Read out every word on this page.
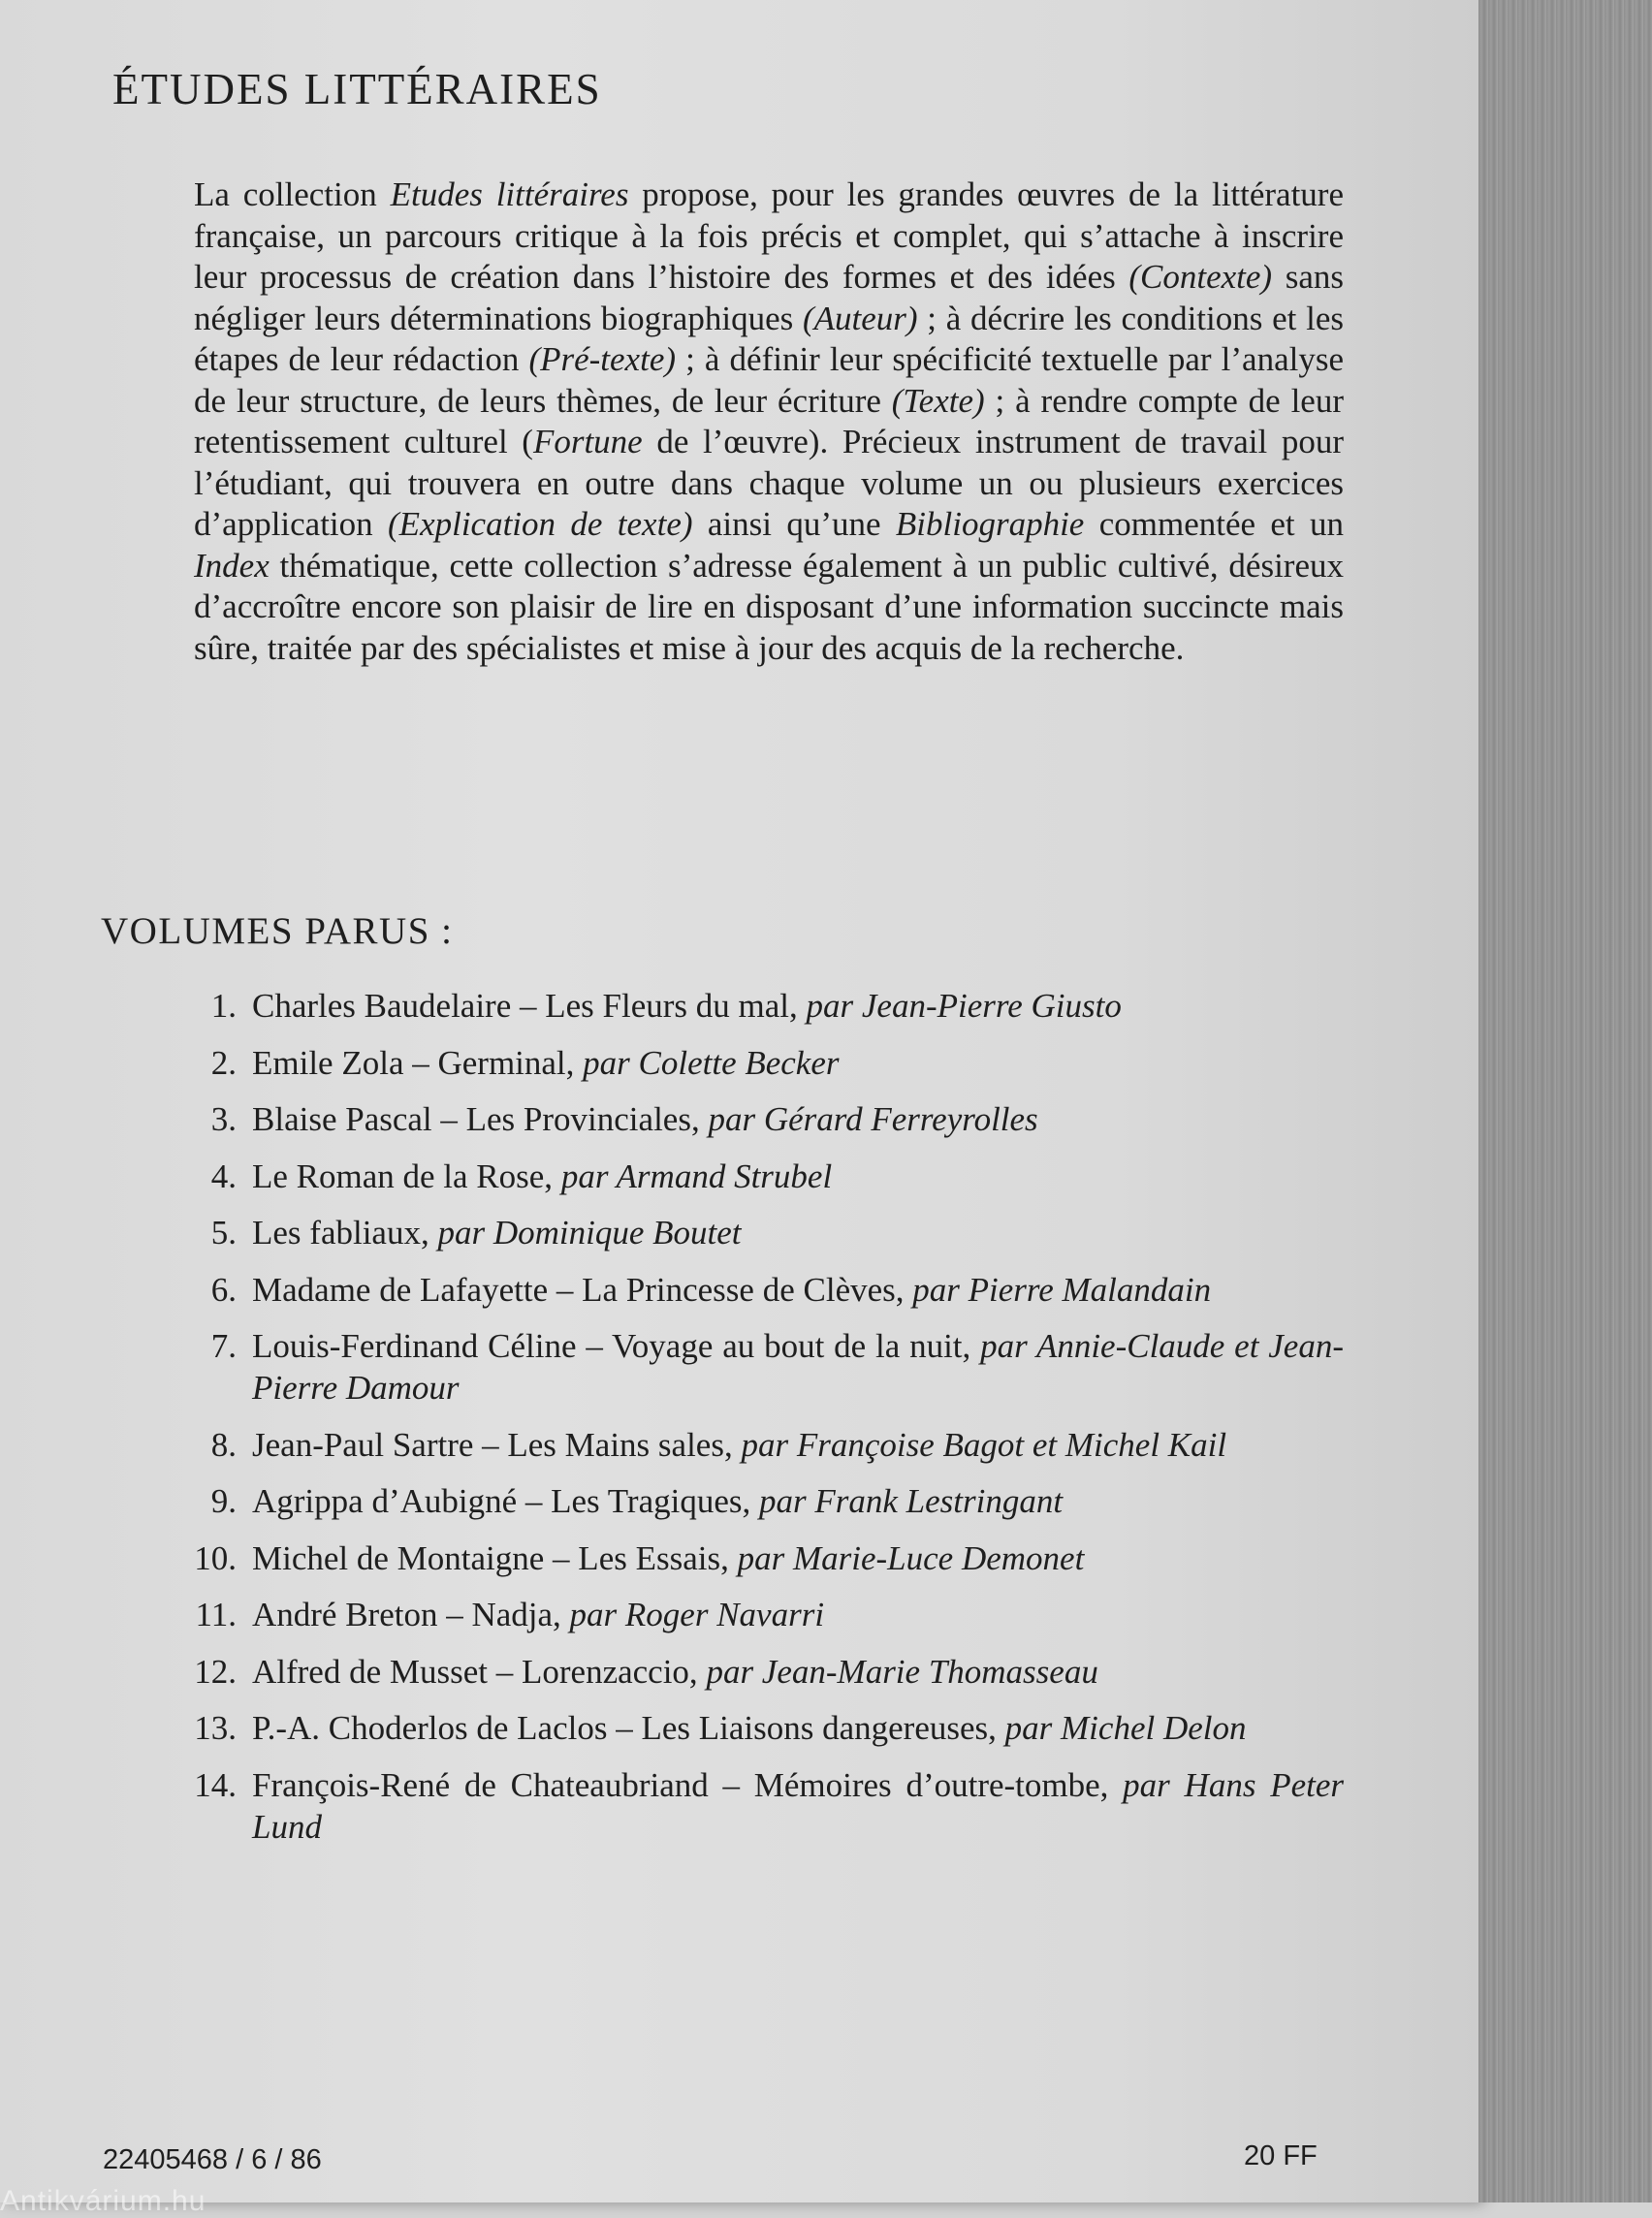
ÉTUDES LITTÉRAIRES

La collection Etudes littéraires propose, pour les grandes œuvres de la littérature française, un parcours critique à la fois précis et complet, qui s’attache à inscrire leur processus de création dans l’histoire des formes et des idées (Contexte) sans négliger leurs déterminations biographiques (Auteur) ; à décrire les conditions et les étapes de leur rédaction (Pré-texte) ; à définir leur spécificité textuelle par l’analyse de leur structure, de leurs thèmes, de leur écriture (Texte) ; à rendre compte de leur retentissement culturel (Fortune de l’œuvre). Précieux instrument de travail pour l’étudiant, qui trouvera en outre dans chaque volume un ou plusieurs exercices d’application (Explication de texte) ainsi qu’une Bibliographie commentée et un Index thématique, cette collection s’adresse également à un public cultivé, désireux d’accroître encore son plaisir de lire en disposant d’une information succincte mais sûre, traitée par des spécialistes et mise à jour des acquis de la recherche.

VOLUMES PARUS :
1. Charles Baudelaire – Les Fleurs du mal, par Jean-Pierre Giusto
2. Emile Zola – Germinal, par Colette Becker
3. Blaise Pascal – Les Provinciales, par Gérard Ferreyrolles
4. Le Roman de la Rose, par Armand Strubel
5. Les fabliaux, par Dominique Boutet
6. Madame de Lafayette – La Princesse de Clèves, par Pierre Malandain
7. Louis-Ferdinand Céline – Voyage au bout de la nuit, par Annie-Claude et Jean-Pierre Damour
8. Jean-Paul Sartre – Les Mains sales, par Françoise Bagot et Michel Kail
9. Agrippa d’Aubigné – Les Tragiques, par Frank Lestringant
10. Michel de Montaigne – Les Essais, par Marie-Luce Demonet
11. André Breton – Nadja, par Roger Navarri
12. Alfred de Musset – Lorenzaccio, par Jean-Marie Thomasseau
13. P.-A. Choderlos de Laclos – Les Liaisons dangereuses, par Michel Delon
14. François-René de Chateaubriand – Mémoires d’outre-tombe, par Hans Peter Lund
22405468 / 6 / 86	20 FF
Antikvárium.hu
